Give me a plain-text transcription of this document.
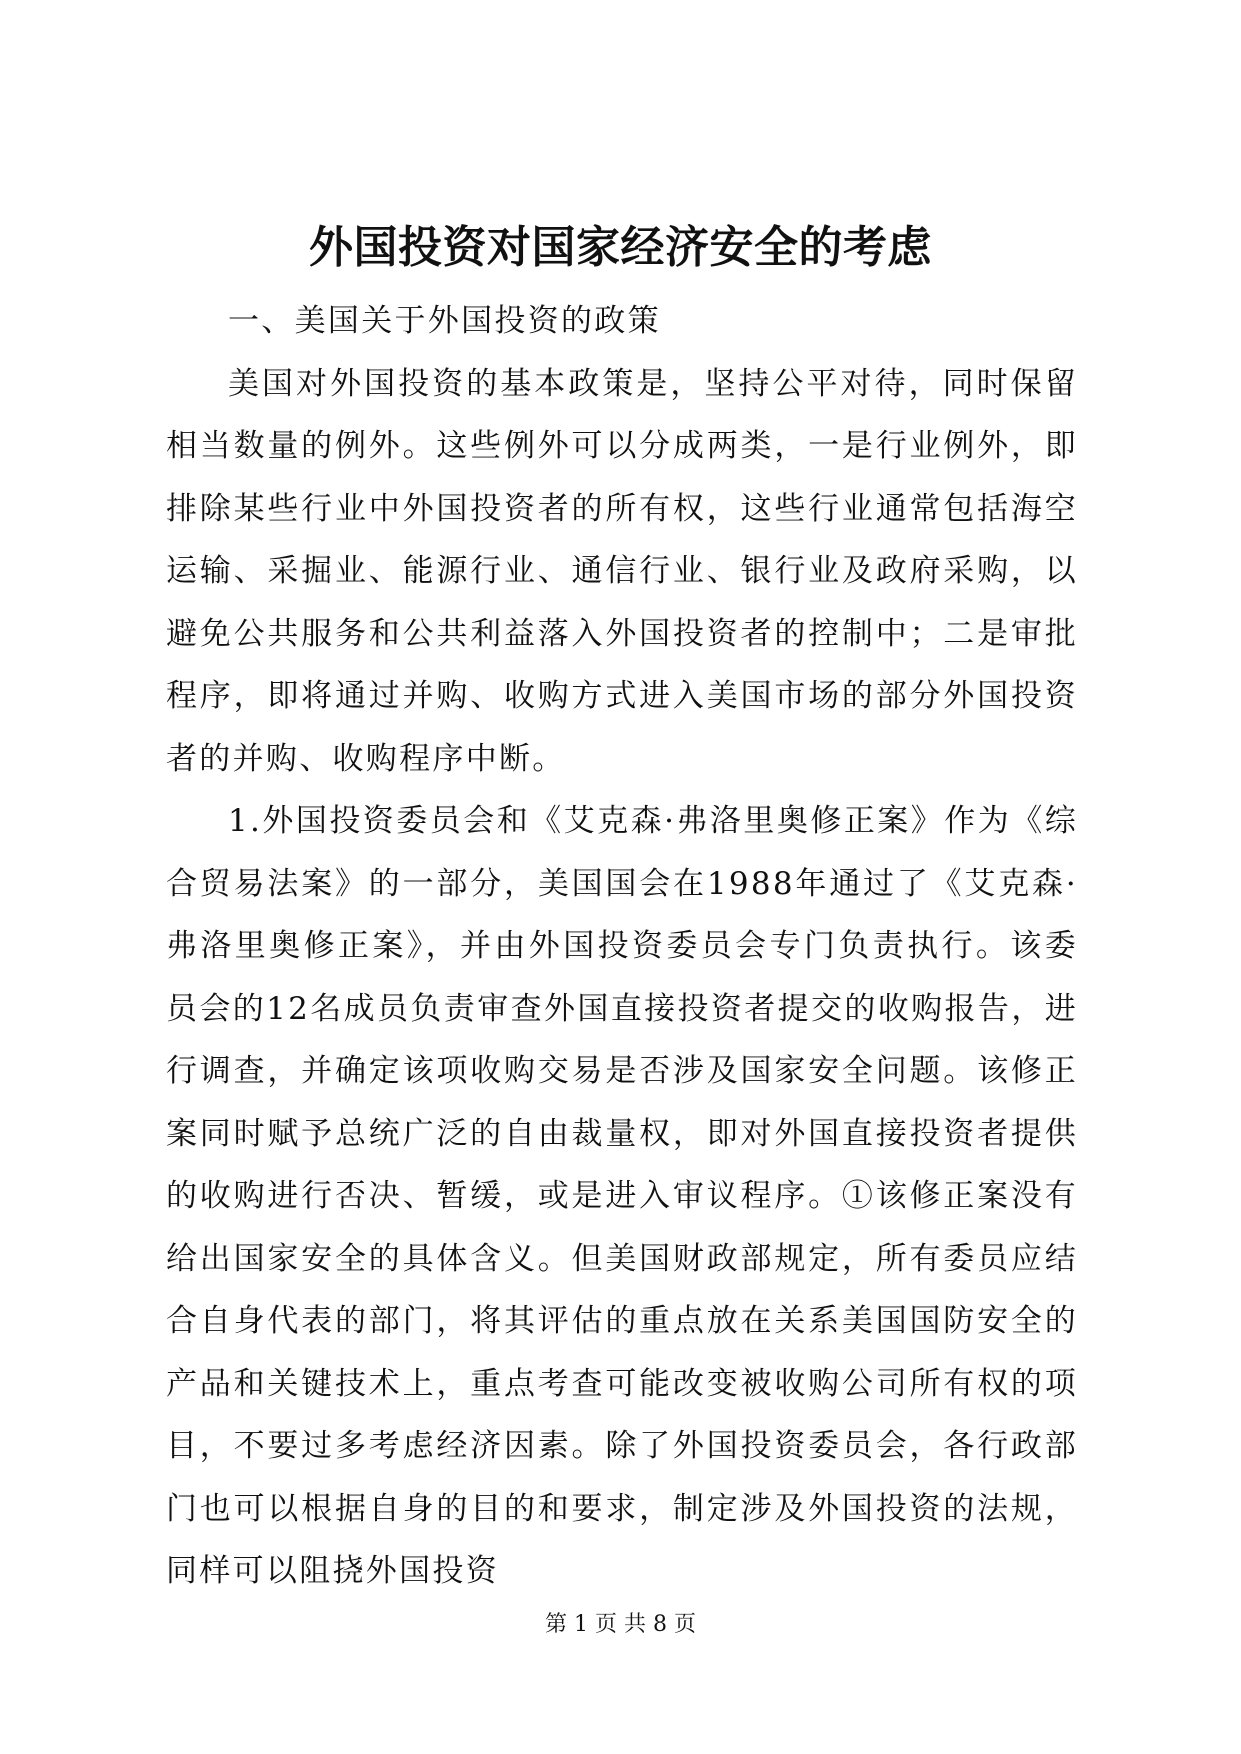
外国投资对国家经济安全的考虑

一、美国关于外国投资的政策

美国对外国投资的基本政策是，坚持公平对待，同时保留相当数量的例外。这些例外可以分成两类，一是行业例外，即排除某些行业中外国投资者的所有权，这些行业通常包括海空运输、采掘业、能源行业、通信行业、银行业及政府采购，以避免公共服务和公共利益落入外国投资者的控制中；二是审批程序，即将通过并购、收购方式进入美国市场的部分外国投资者的并购、收购程序中断。

1.外国投资委员会和《艾克森·弗洛里奥修正案》作为《综合贸易法案》的一部分，美国国会在1988年通过了《艾克森·弗洛里奥修正案》，并由外国投资委员会专门负责执行。该委员会的12名成员负责审查外国直接投资者提交的收购报告，进行调查，并确定该项收购交易是否涉及国家安全问题。该修正案同时赋予总统广泛的自由裁量权，即对外国直接投资者提供的收购进行否决、暂缓，或是进入审议程序。①该修正案没有给出国家安全的具体含义。但美国财政部规定，所有委员应结合自身代表的部门，将其评估的重点放在关系美国国防安全的产品和关键技术上，重点考查可能改变被收购公司所有权的项目，不要过多考虑经济因素。除了外国投资委员会，各行政部门也可以根据自身的目的和要求，制定涉及外国投资的法规，同样可以阻挠外国投资

第 1 页 共 8 页
